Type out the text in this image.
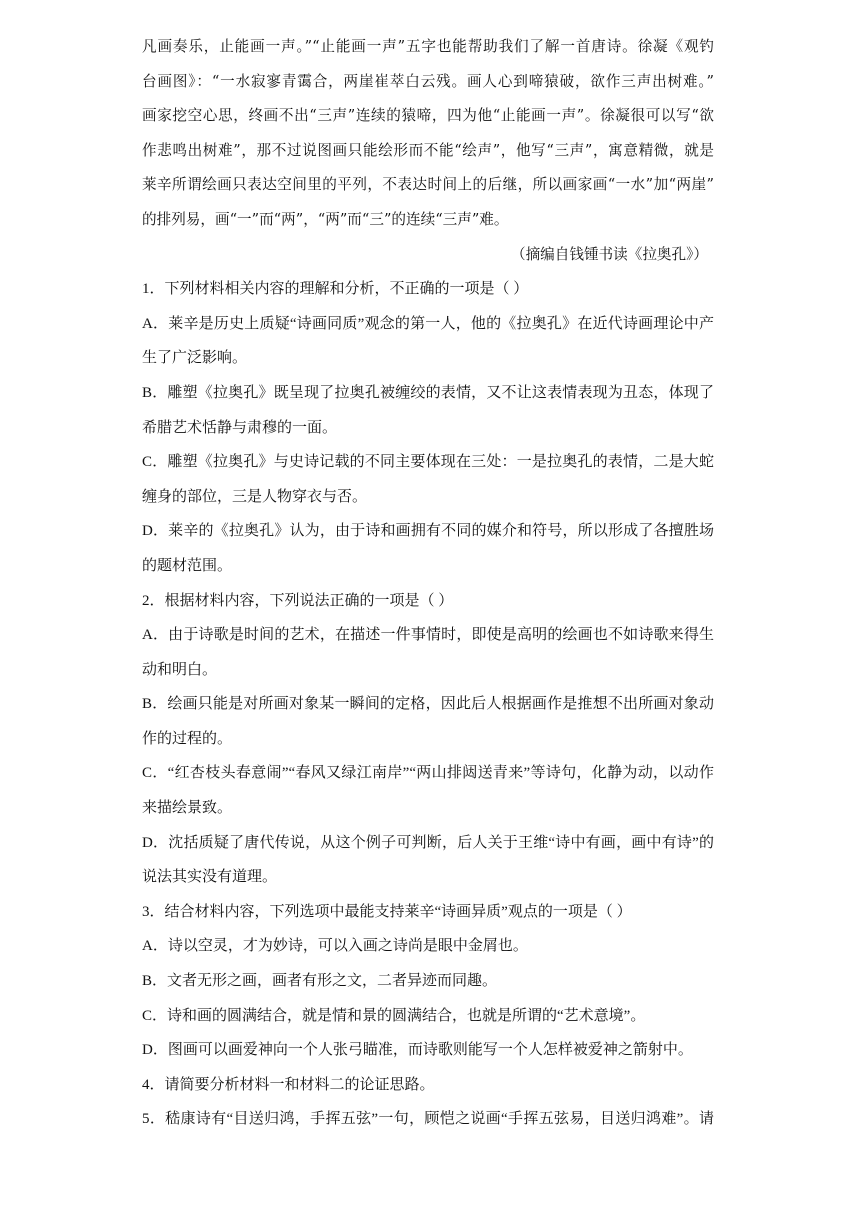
凡画奏乐，止能画一声。”“止能画一声”五字也能帮助我们了解一首唐诗。徐凝《观钓
台画图》：“一水寂寥青霭合，两崖崔萃白云残。画人心到啼猿破，欲作三声出树难。”
画家挖空心思，终画不出“三声”连续的猿啼，四为他“止能画一声”。徐凝很可以写“欲
作悲鸣出树难”，那不过说图画只能绘形而不能“绘声”，他写“三声”，寓意精微，就是
莱辛所谓绘画只表达空间里的平列，不表达时间上的后继，所以画家画“一水”加“两崖”
的排列易，画“一”而“两”，“两”而“三”的连续“三声”难。
（摘编自钱锺书读《拉奥孔》）
1．下列材料相关内容的理解和分析，不正确的一项是（ ）
A．莱辛是历史上质疑“诗画同质”观念的第一人，他的《拉奥孔》在近代诗画理论中产
生了广泛影响。
B．雕塑《拉奥孔》既呈现了拉奥孔被缠绞的表情，又不让这表情表现为丑态，体现了
希腊艺术恬静与肃穆的一面。
C．雕塑《拉奥孔》与史诗记载的不同主要体现在三处：一是拉奥孔的表情，二是大蛇
缠身的部位，三是人物穿衣与否。
D．莱辛的《拉奥孔》认为，由于诗和画拥有不同的媒介和符号，所以形成了各擅胜场
的题材范围。
2．根据材料内容，下列说法正确的一项是（ ）
A．由于诗歌是时间的艺术，在描述一件事情时，即使是高明的绘画也不如诗歌来得生
动和明白。
B．绘画只能是对所画对象某一瞬间的定格，因此后人根据画作是推想不出所画对象动
作的过程的。
C．“红杏枝头春意闹”“春风又绿江南岸”“两山排闼送青来”等诗句，化静为动，以动作
来描绘景致。
D．沈括质疑了唐代传说，从这个例子可判断，后人关于王维“诗中有画，画中有诗”的
说法其实没有道理。
3．结合材料内容，下列选项中最能支持莱辛“诗画异质”观点的一项是（ ）
A．诗以空灵，才为妙诗，可以入画之诗尚是眼中金屑也。
B．文者无形之画，画者有形之文，二者异迹而同趣。
C．诗和画的圆满结合，就是情和景的圆满结合，也就是所谓的“艺术意境”。
D．图画可以画爱神向一个人张弓瞄准，而诗歌则能写一个人怎样被爱神之箭射中。
4．请简要分析材料一和材料二的论证思路。
5．嵇康诗有“目送归鸿，手挥五弦”一句，顾恺之说画“手挥五弦易，目送归鸿难”。请
